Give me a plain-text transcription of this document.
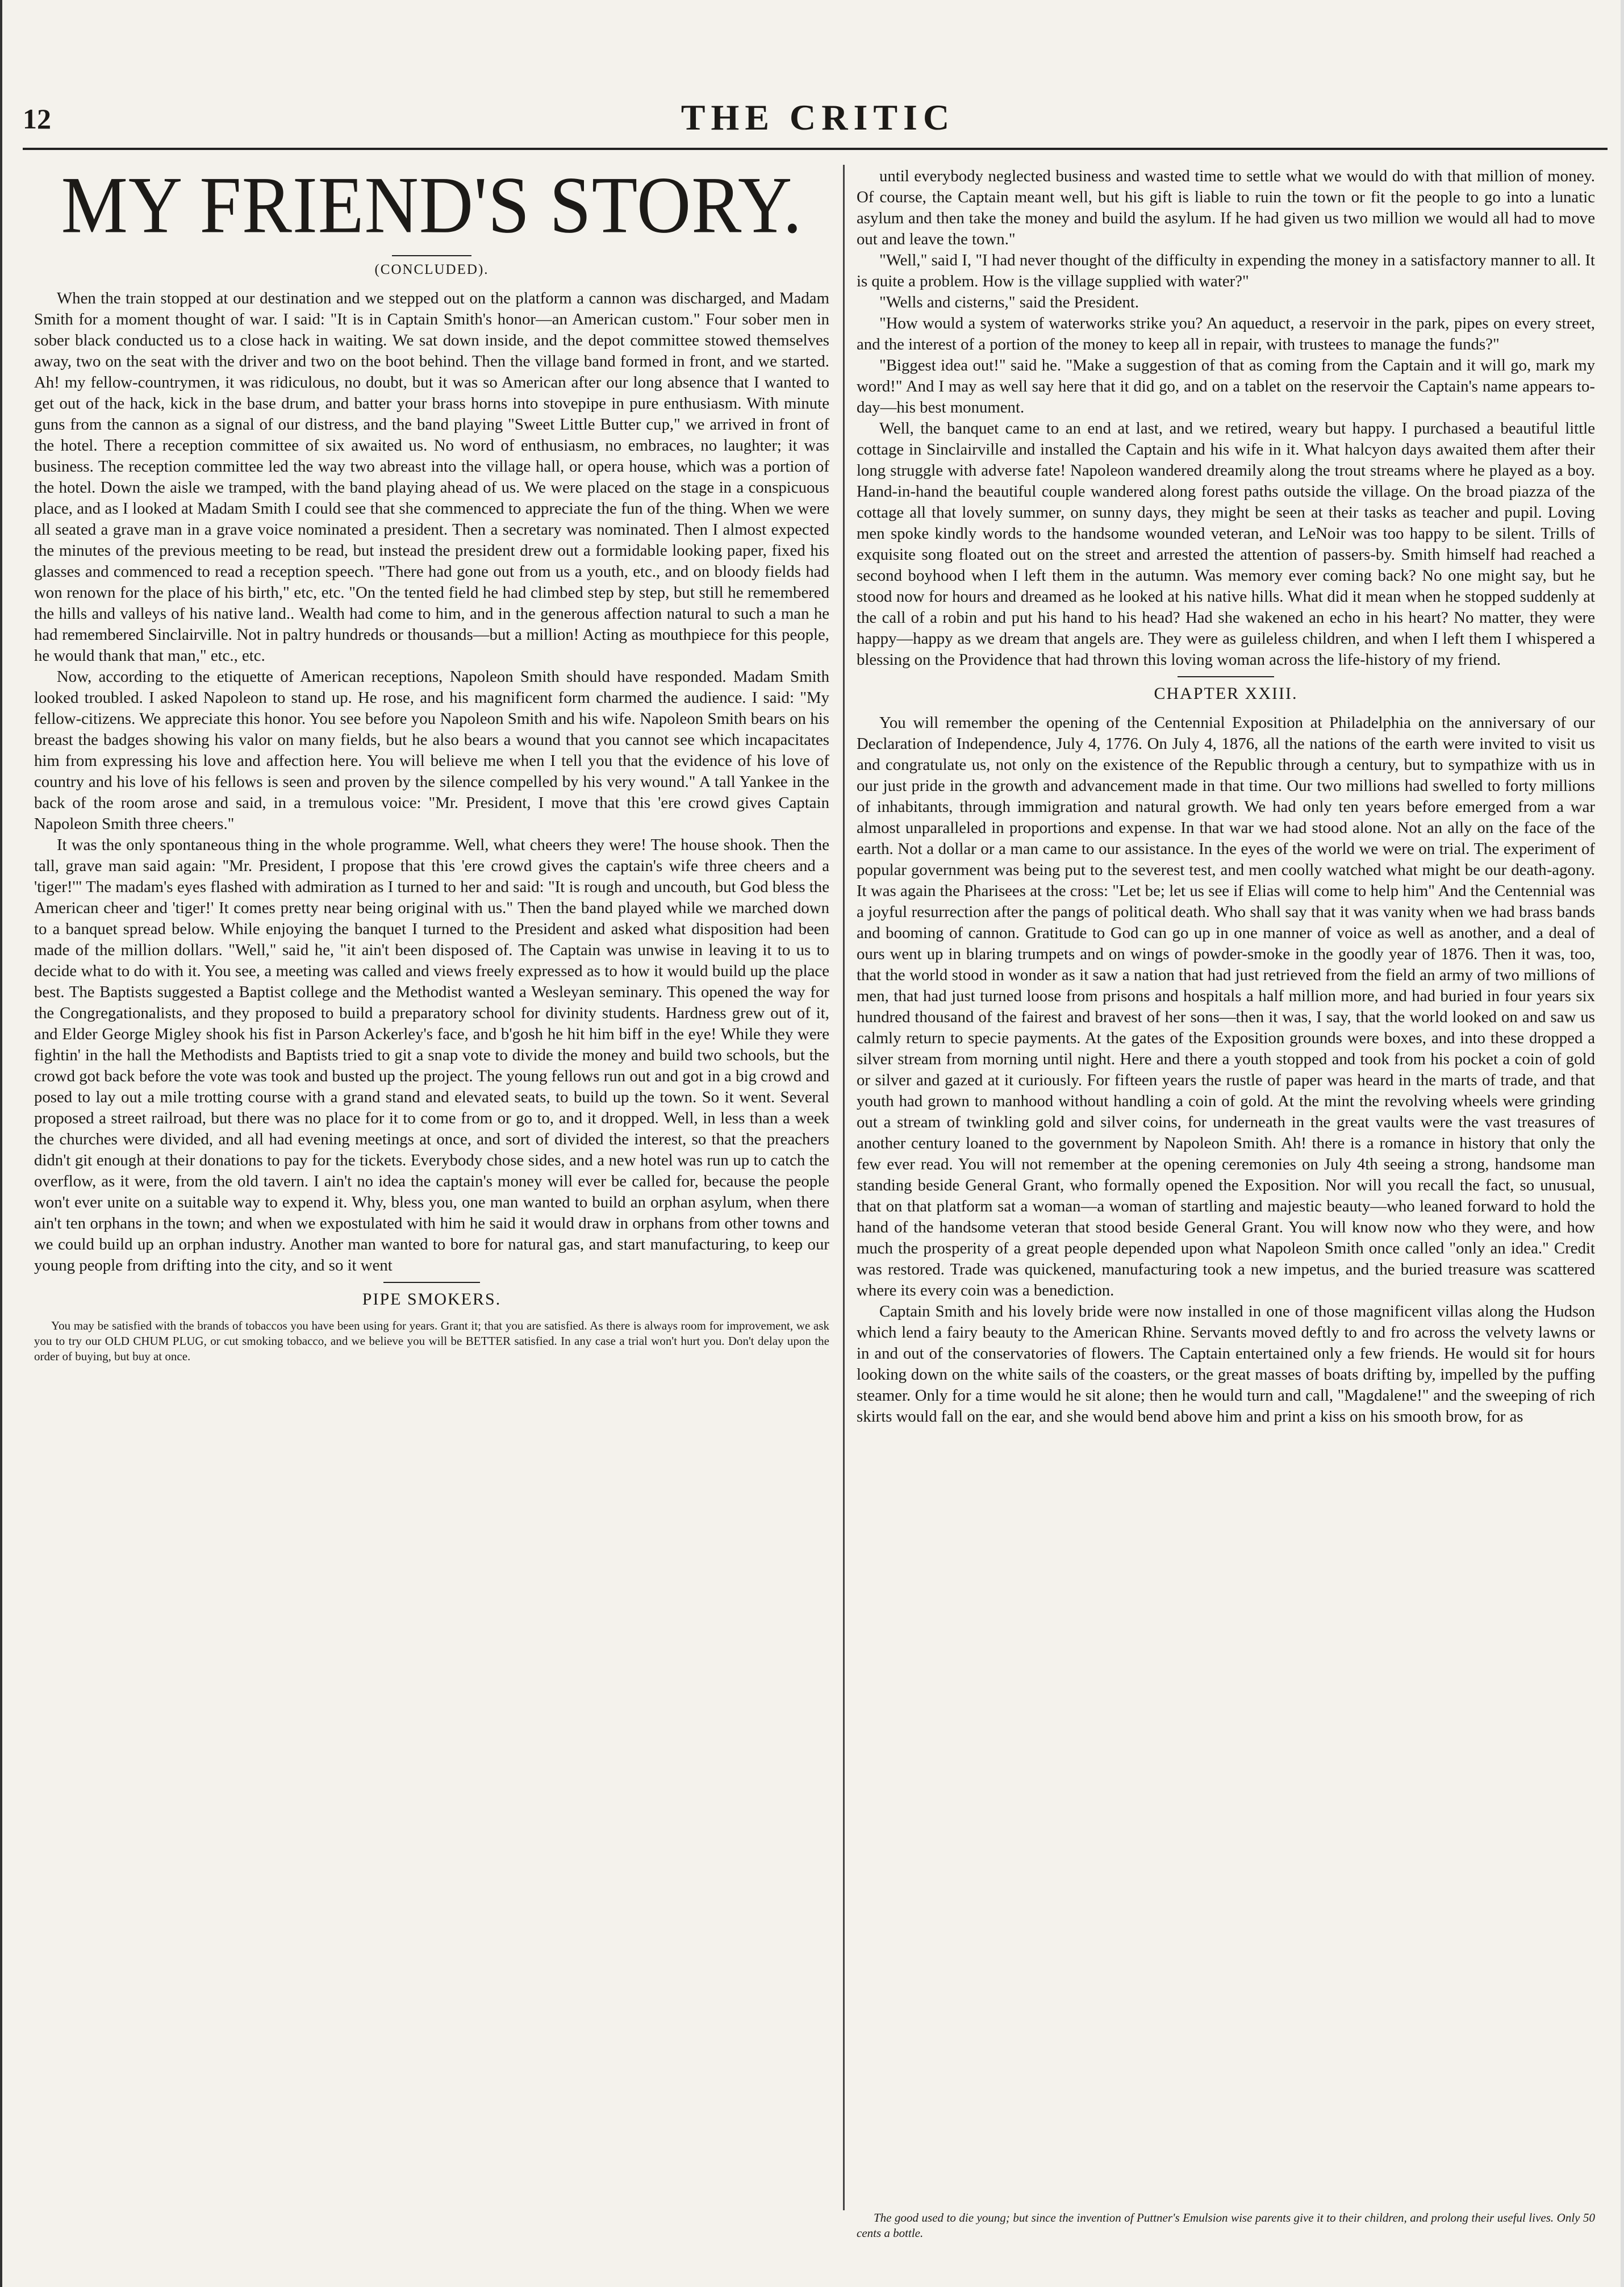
12	THE CRITIC
MY FRIEND'S STORY.
(CONCLUDED).

When the train stopped at our destination and we stepped out on the platform a cannon was discharged, and Madam Smith for a moment thought of war. I said: "It is in Captain Smith's honor—an American custom." Four sober men in sober black conducted us to a close hack in waiting. We sat down inside, and the depot committee stowed themselves away, two on the seat with the driver and two on the boot behind. Then the village band formed in front, and we started. Ah! my fellow-countrymen, it was ridiculous, no doubt, but it was so American after our long absence that I wanted to get out of the hack, kick in the base drum, and batter your brass horns into stovepipe in pure enthusiasm. With minute guns from the cannon as a signal of our distress, and the band playing "Sweet Little Butter cup," we arrived in front of the hotel. There a reception committee of six awaited us. No word of enthusiasm, no embraces, no laughter; it was business. The reception committee led the way two abreast into the village hall, or opera house, which was a portion of the hotel. Down the aisle we tramped, with the band playing ahead of us. We were placed on the stage in a conspicuous place, and as I looked at Madam Smith I could see that she commenced to appreciate the fun of the thing. When we were all seated a grave man in a grave voice nominated a president. Then a secretary was nominated. Then I almost expected the minutes of the previous meeting to be read, but instead the president drew out a formidable looking paper, fixed his glasses and commenced to read a reception speech. "There had gone out from us a youth, etc., and on bloody fields had won renown for the place of his birth," etc, etc. "On the tented field he had climbed step by step, but still he remembered the hills and valleys of his native land.. Wealth had come to him, and in the generous affection natural to such a man he had remembered Sinclairville. Not in paltry hundreds or thousands—but a million! Acting as mouthpiece for this people, he would thank that man," etc., etc.

Now, according to the etiquette of American receptions, Napoleon Smith should have responded. Madam Smith looked troubled. I asked Napoleon to stand up. He rose, and his magnificent form charmed the audience. I said: "My fellow-citizens. We appreciate this honor. You see before you Napoleon Smith and his wife. Napoleon Smith bears on his breast the badges showing his valor on many fields, but he also bears a wound that you cannot see which incapacitates him from expressing his love and affection here. You will believe me when I tell you that the evidence of his love of country and his love of his fellows is seen and proven by the silence compelled by his very wound." A tall Yankee in the back of the room arose and said, in a tremulous voice: "Mr. President, I move that this 'ere crowd gives Captain Napoleon Smith three cheers."

It was the only spontaneous thing in the whole programme. Well, what cheers they were! The house shook. Then the tall, grave man said again: "Mr. President, I propose that this 'ere crowd gives the captain's wife three cheers and a 'tiger!'" The madam's eyes flashed with admiration as I turned to her and said: "It is rough and uncouth, but God bless the American cheer and 'tiger!' It comes pretty near being original with us." Then the band played while we marched down to a banquet spread below. While enjoying the banquet I turned to the President and asked what disposition had been made of the million dollars. "Well," said he, "it ain't been disposed of. The Captain was unwise in leaving it to us to decide what to do with it. You see, a meeting was called and views freely expressed as to how it would build up the place best. The Baptists suggested a Baptist college and the Methodist wanted a Wesleyan seminary. This opened the way for the Congregationalists, and they proposed to build a preparatory school for divinity students. Hardness grew out of it, and Elder George Migley shook his fist in Parson Ackerley's face, and b'gosh he hit him biff in the eye! While they were fightin' in the hall the Methodists and Baptists tried to git a snap vote to divide the money and build two schools, but the crowd got back before the vote was took and busted up the project. The young fellows run out and got in a big crowd and posed to lay out a mile trotting course with a grand stand and elevated seats, to build up the town. So it went. Several proposed a street railroad, but there was no place for it to come from or go to, and it dropped. Well, in less than a week the churches were divided, and all had evening meetings at once, and sort of divided the interest, so that the preachers didn't git enough at their donations to pay for the tickets. Everybody chose sides, and a new hotel was run up to catch the overflow, as it were, from the old tavern. I ain't no idea the captain's money will ever be called for, because the people won't ever unite on a suitable way to expend it. Why, bless you, one man wanted to build an orphan asylum, when there ain't ten orphans in the town; and when we expostulated with him he said it would draw in orphans from other towns and we could build up an orphan industry. Another man wanted to bore for natural gas, and start manufacturing, to keep our young people from drifting into the city, and so it went

PIPE SMOKERS.

You may be satisfied with the brands of tobaccos you have been using for years. Grant it; that you are satisfied. As there is always room for improvement, we ask you to try our OLD CHUM PLUG, or cut smoking tobacco, and we believe you will be BETTER satisfied. In any case a trial won't hurt you. Don't delay upon the order of buying, but buy at once.

until everybody neglected business and wasted time to settle what we would do with that million of money. Of course, the Captain meant well, but his gift is liable to ruin the town or fit the people to go into a lunatic asylum and then take the money and build the asylum. If he had given us two million we would all had to move out and leave the town."

"Well," said I, "I had never thought of the difficulty in expending the money in a satisfactory manner to all. It is quite a problem. How is the village supplied with water?"

"Wells and cisterns," said the President.

"How would a system of waterworks strike you? An aqueduct, a reservoir in the park, pipes on every street, and the interest of a portion of the money to keep all in repair, with trustees to manage the funds?"

"Biggest idea out!" said he. "Make a suggestion of that as coming from the Captain and it will go, mark my word!" And I may as well say here that it did go, and on a tablet on the reservoir the Captain's name appears to-day—his best monument.

Well, the banquet came to an end at last, and we retired, weary but happy. I purchased a beautiful little cottage in Sinclairville and installed the Captain and his wife in it. What halcyon days awaited them after their long struggle with adverse fate! Napoleon wandered dreamily along the trout streams where he played as a boy. Hand-in-hand the beautiful couple wandered along forest paths outside the village. On the broad piazza of the cottage all that lovely summer, on sunny days, they might be seen at their tasks as teacher and pupil. Loving men spoke kindly words to the handsome wounded veteran, and LeNoir was too happy to be silent. Trills of exquisite song floated out on the street and arrested the attention of passers-by. Smith himself had reached a second boyhood when I left them in the autumn. Was memory ever coming back? No one might say, but he stood now for hours and dreamed as he looked at his native hills. What did it mean when he stopped suddenly at the call of a robin and put his hand to his head? Had she wakened an echo in his heart? No matter, they were happy—happy as we dream that angels are. They were as guileless children, and when I left them I whispered a blessing on the Providence that had thrown this loving woman across the life-history of my friend.

CHAPTER XXIII.

You will remember the opening of the Centennial Exposition at Philadelphia on the anniversary of our Declaration of Independence, July 4, 1776. On July 4, 1876, all the nations of the earth were invited to visit us and congratulate us, not only on the existence of the Republic through a century, but to sympathize with us in our just pride in the growth and advancement made in that time. Our two millions had swelled to forty millions of inhabitants, through immigration and natural growth. We had only ten years before emerged from a war almost unparalleled in proportions and expense. In that war we had stood alone. Not an ally on the face of the earth. Not a dollar or a man came to our assistance. In the eyes of the world we were on trial. The experiment of popular government was being put to the severest test, and men coolly watched what might be our death-agony. It was again the Pharisees at the cross: "Let be; let us see if Elias will come to help him" And the Centennial was a joyful resurrection after the pangs of political death. Who shall say that it was vanity when we had brass bands and booming of cannon. Gratitude to God can go up in one manner of voice as well as another, and a deal of ours went up in blaring trumpets and on wings of powder-smoke in the goodly year of 1876. Then it was, too, that the world stood in wonder as it saw a nation that had just retrieved from the field an army of two millions of men, that had just turned loose from prisons and hospitals a half million more, and had buried in four years six hundred thousand of the fairest and bravest of her sons—then it was, I say, that the world looked on and saw us calmly return to specie payments. At the gates of the Exposition grounds were boxes, and into these dropped a silver stream from morning until night. Here and there a youth stopped and took from his pocket a coin of gold or silver and gazed at it curiously. For fifteen years the rustle of paper was heard in the marts of trade, and that youth had grown to manhood without handling a coin of gold. At the mint the revolving wheels were grinding out a stream of twinkling gold and silver coins, for underneath in the great vaults were the vast treasures of another century loaned to the government by Napoleon Smith. Ah! there is a romance in history that only the few ever read. You will not remember at the opening ceremonies on July 4th seeing a strong, handsome man standing beside General Grant, who formally opened the Exposition. Nor will you recall the fact, so unusual, that on that platform sat a woman—a woman of startling and majestic beauty—who leaned forward to hold the hand of the handsome veteran that stood beside General Grant. You will know now who they were, and how much the prosperity of a great people depended upon what Napoleon Smith once called "only an idea." Credit was restored. Trade was quickened, manufacturing took a new impetus, and the buried treasure was scattered where its every coin was a benediction.

Captain Smith and his lovely bride were now installed in one of those magnificent villas along the Hudson which lend a fairy beauty to the American Rhine. Servants moved deftly to and fro across the velvety lawns or in and out of the conservatories of flowers. The Captain entertained only a few friends. He would sit for hours looking down on the white sails of the coasters, or the great masses of boats drifting by, impelled by the puffing steamer. Only for a time would he sit alone; then he would turn and call, "Magdalene!" and the sweeping of rich skirts would fall on the ear, and she would bend above him and print a kiss on his smooth brow, for as

The good used to die young; but since the invention of Puttner's Emulsion wise parents give it to their children, and prolong their useful lives. Only 50 cents a bottle.
